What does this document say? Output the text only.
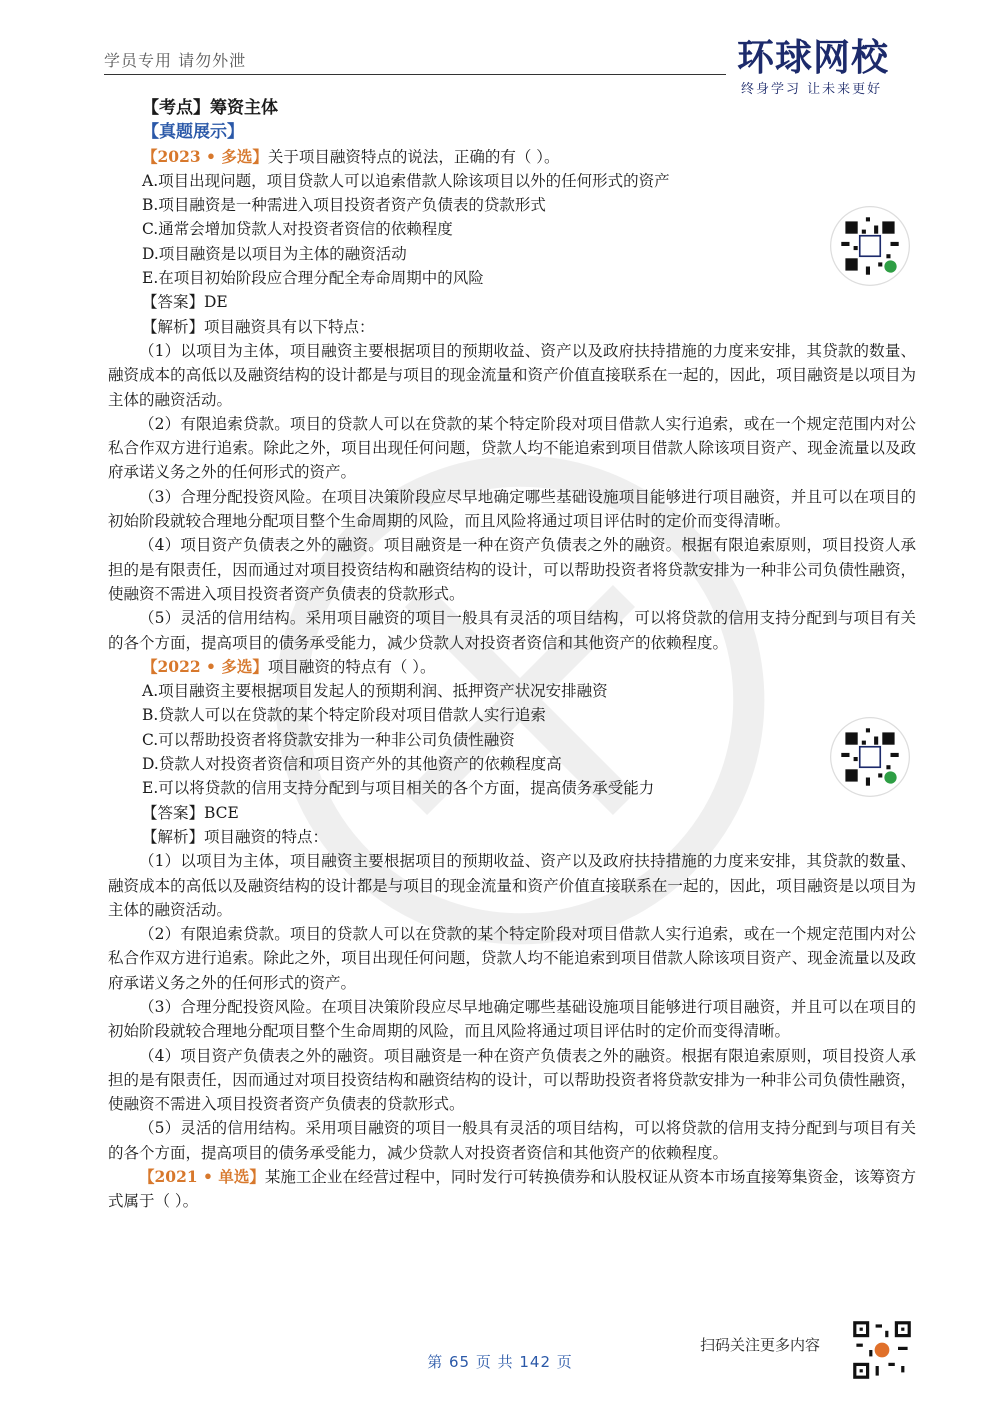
学员专用 请勿外泄	环球网校
终身学习 让未来更好

【考点】筹资主体

【真题展示】

【2023 • 多选】关于项目融资特点的说法，正确的有（ ）。

A.项目出现问题，项目贷款人可以追索借款人除该项目以外的任何形式的资产

B.项目融资是一种需进入项目投资者资产负债表的贷款形式

C.通常会增加贷款人对投资者资信的依赖程度

D.项目融资是以项目为主体的融资活动

E.在项目初始阶段应合理分配全寿命周期中的风险

【答案】DE

【解析】项目融资具有以下特点：

（1）以项目为主体，项目融资主要根据项目的预期收益、资产以及政府扶持措施的力度来安排，其贷款的数量、融资成本的高低以及融资结构的设计都是与项目的现金流量和资产价值直接联系在一起的，因此，项目融资是以项目为主体的融资活动。

（2）有限追索贷款。项目的贷款人可以在贷款的某个特定阶段对项目借款人实行追索，或在一个规定范围内对公私合作双方进行追索。除此之外，项目出现任何问题，贷款人均不能追索到项目借款人除该项目资产、现金流量以及政府承诺义务之外的任何形式的资产。

（3）合理分配投资风险。在项目决策阶段应尽早地确定哪些基础设施项目能够进行项目融资，并且可以在项目的初始阶段就较合理地分配项目整个生命周期的风险，而且风险将通过项目评估时的定价而变得清晰。

（4）项目资产负债表之外的融资。项目融资是一种在资产负债表之外的融资。根据有限追索原则，项目投资人承担的是有限责任，因而通过对项目投资结构和融资结构的设计，可以帮助投资者将贷款安排为一种非公司负债性融资，使融资不需进入项目投资者资产负债表的贷款形式。

（5）灵活的信用结构。采用项目融资的项目一般具有灵活的项目结构，可以将贷款的信用支持分配到与项目有关的各个方面，提高项目的债务承受能力，减少贷款人对投资者资信和其他资产的依赖程度。

【2022 • 多选】项目融资的特点有（ ）。

A.项目融资主要根据项目发起人的预期利润、抵押资产状况安排融资

B.贷款人可以在贷款的某个特定阶段对项目借款人实行追索

C.可以帮助投资者将贷款安排为一种非公司负债性融资

D.贷款人对投资者资信和项目资产外的其他资产的依赖程度高

E.可以将贷款的信用支持分配到与项目相关的各个方面，提高债务承受能力

【答案】BCE

【解析】项目融资的特点：

（1）以项目为主体，项目融资主要根据项目的预期收益、资产以及政府扶持措施的力度来安排，其贷款的数量、融资成本的高低以及融资结构的设计都是与项目的现金流量和资产价值直接联系在一起的，因此，项目融资是以项目为主体的融资活动。

（2）有限追索贷款。项目的贷款人可以在贷款的某个特定阶段对项目借款人实行追索，或在一个规定范围内对公私合作双方进行追索。除此之外，项目出现任何问题，贷款人均不能追索到项目借款人除该项目资产、现金流量以及政府承诺义务之外的任何形式的资产。

（3）合理分配投资风险。在项目决策阶段应尽早地确定哪些基础设施项目能够进行项目融资，并且可以在项目的初始阶段就较合理地分配项目整个生命周期的风险，而且风险将通过项目评估时的定价而变得清晰。

（4）项目资产负债表之外的融资。项目融资是一种在资产负债表之外的融资。根据有限追索原则，项目投资人承担的是有限责任，因而通过对项目投资结构和融资结构的设计，可以帮助投资者将贷款安排为一种非公司负债性融资，使融资不需进入项目投资者资产负债表的贷款形式。

（5）灵活的信用结构。采用项目融资的项目一般具有灵活的项目结构，可以将贷款的信用支持分配到与项目有关的各个方面，提高项目的债务承受能力，减少贷款人对投资者资信和其他资产的依赖程度。

【2021 • 单选】某施工企业在经营过程中，同时发行可转换债券和认股权证从资本市场直接筹集资金，该筹资方式属于（ ）。

扫码关注更多内容
第 65 页 共 142 页
